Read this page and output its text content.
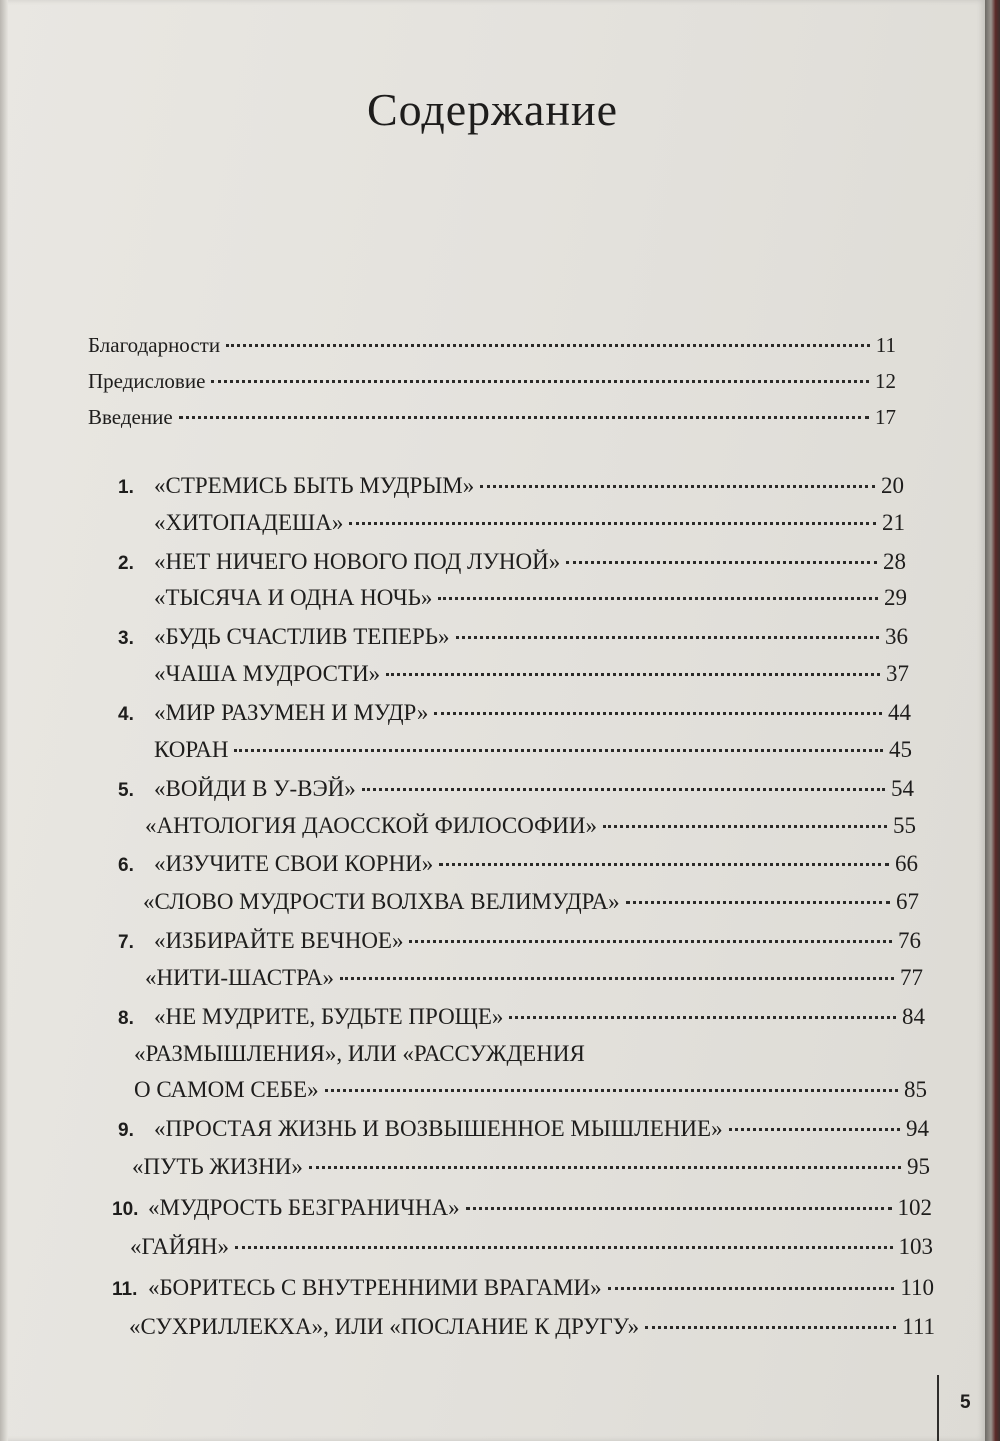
Содержание
Благодарности	11
Предисловие	12
Введение	17
1. «СТРЕМИСЬ БЫТЬ МУДРЫМ»	20
«ХИТОПАДЕША»	21
2. «НЕТ НИЧЕГО НОВОГО ПОД ЛУНОЙ»	28
«ТЫСЯЧА И ОДНА НОЧЬ»	29
3. «БУДЬ СЧАСТЛИВ ТЕПЕРЬ»	36
«ЧАША МУДРОСТИ»	37
4. «МИР РАЗУМЕН И МУДР»	44
КОРАН	45
5. «ВОЙДИ В У-ВЭЙ»	54
«АНТОЛОГИЯ ДАОССКОЙ ФИЛОСОФИИ»	55
6. «ИЗУЧИТЕ СВОИ КОРНИ»	66
«СЛОВО МУДРОСТИ ВОЛХВА ВЕЛИМУДРА»	67
7. «ИЗБИРАЙТЕ ВЕЧНОЕ»	76
«НИТИ-ШАСТРА»	77
8. «НЕ МУДРИТЕ, БУДЬТЕ ПРОЩЕ»	84
«РАЗМЫШЛЕНИЯ», ИЛИ «РАССУЖДЕНИЯ
О САМОМ СЕБЕ»	85
9. «ПРОСТАЯ ЖИЗНЬ И ВОЗВЫШЕННОЕ МЫШЛЕНИЕ»	94
«ПУТЬ ЖИЗНИ»	95
10. «МУДРОСТЬ БЕЗГРАНИЧНА»	102
«ГАЙЯН»	103
11. «БОРИТЕСЬ С ВНУТРЕННИМИ ВРАГАМИ»	110
«СУХРИЛЛЕКХА», ИЛИ «ПОСЛАНИЕ К ДРУГУ»	111
5
